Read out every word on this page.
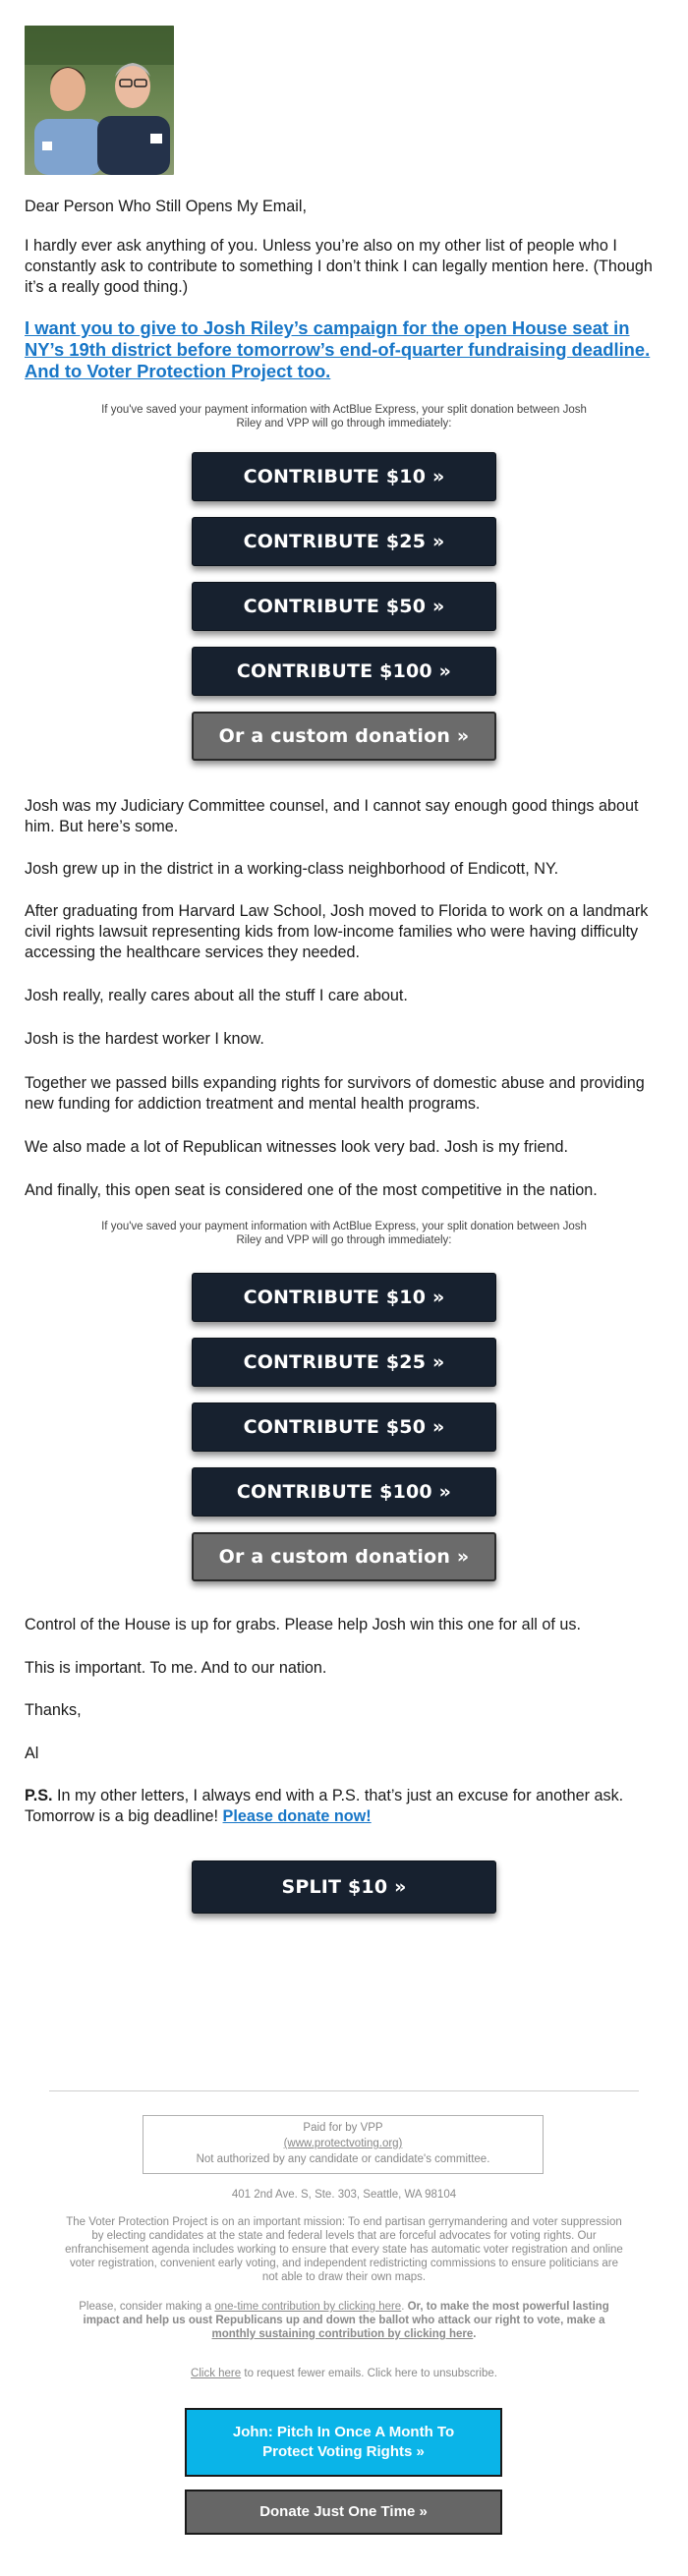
Dear Person Who Still Opens My Email,

I hardly ever ask anything of you. Unless you’re also on my other list of people who I constantly ask to contribute to something I don’t think I can legally mention here. (Though it’s a really good thing.)

I want you to give to Josh Riley’s campaign for the open House seat in NY’s 19th district before tomorrow’s end-of-quarter fundraising deadline. And to Voter Protection Project too.

If you've saved your payment information with ActBlue Express, your split donation between Josh Riley and VPP will go through immediately:

CONTRIBUTE $10 »
CONTRIBUTE $25 »
CONTRIBUTE $50 »
CONTRIBUTE $100 »
Or a custom donation »

Josh was my Judiciary Committee counsel, and I cannot say enough good things about him. But here’s some.

Josh grew up in the district in a working-class neighborhood of Endicott, NY.

After graduating from Harvard Law School, Josh moved to Florida to work on a landmark civil rights lawsuit representing kids from low-income families who were having difficulty accessing the healthcare services they needed.

Josh really, really cares about all the stuff I care about.

Josh is the hardest worker I know.

Together we passed bills expanding rights for survivors of domestic abuse and providing new funding for addiction treatment and mental health programs.

We also made a lot of Republican witnesses look very bad. Josh is my friend.

And finally, this open seat is considered one of the most competitive in the nation.

If you've saved your payment information with ActBlue Express, your split donation between Josh Riley and VPP will go through immediately:

CONTRIBUTE $10 »
CONTRIBUTE $25 »
CONTRIBUTE $50 »
CONTRIBUTE $100 »
Or a custom donation »

Control of the House is up for grabs. Please help Josh win this one for all of us.

This is important. To me. And to our nation.

Thanks,

Al

P.S. In my other letters, I always end with a P.S. that’s just an excuse for another ask. Tomorrow is a big deadline! Please donate now!

SPLIT $10 »
Paid for by VPP
(www.protectvoting.org)
Not authorized by any candidate or candidate's committee.

401 2nd Ave. S, Ste. 303, Seattle, WA 98104

The Voter Protection Project is on an important mission: To end partisan gerrymandering and voter suppression by electing candidates at the state and federal levels that are forceful advocates for voting rights. Our enfranchisement agenda includes working to ensure that every state has automatic voter registration and online voter registration, convenient early voting, and independent redistricting commissions to ensure politicians are not able to draw their own maps.

Please, consider making a one-time contribution by clicking here. Or, to make the most powerful lasting impact and help us oust Republicans up and down the ballot who attack our right to vote, make a monthly sustaining contribution by clicking here.

Click here to request fewer emails. Click here to unsubscribe.

John: Pitch In Once A Month To Protect Voting Rights »
Donate Just One Time »
